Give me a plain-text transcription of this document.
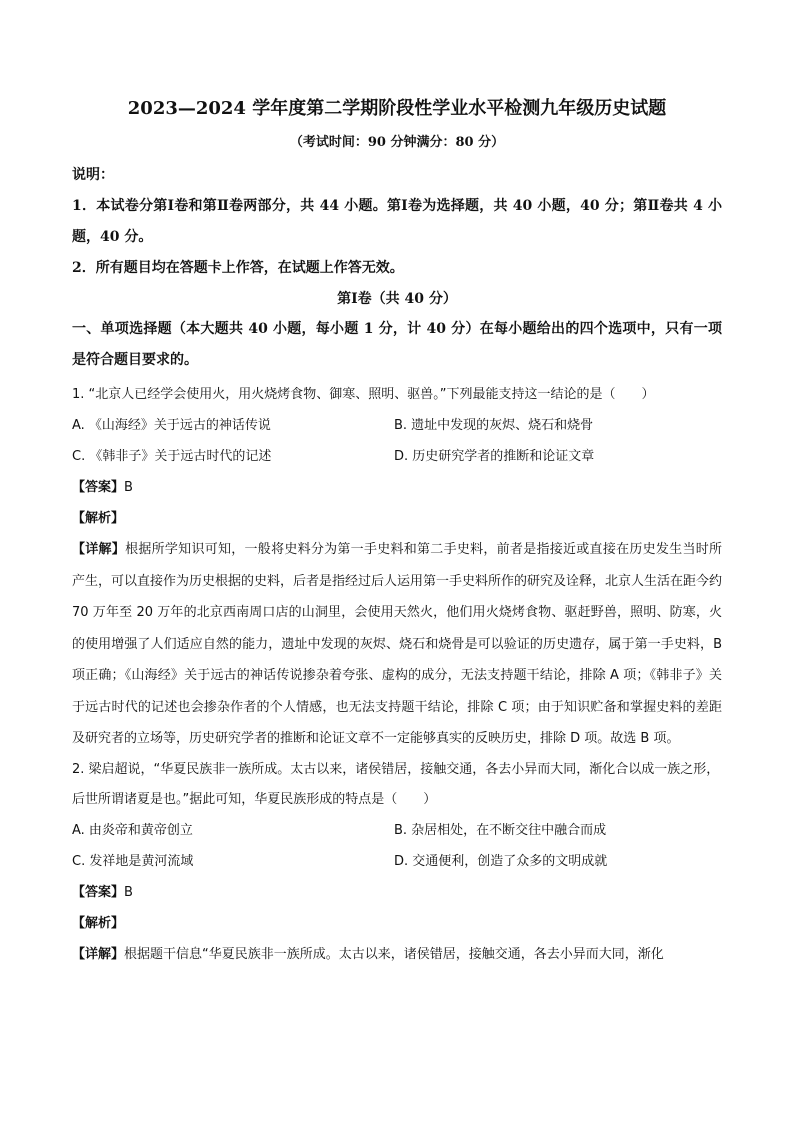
2023—2024 学年度第二学期阶段性学业水平检测九年级历史试题
（考试时间：90 分钟满分：80 分）

说明：

1．本试卷分第Ⅰ卷和第Ⅱ卷两部分，共 44 小题。第Ⅰ卷为选择题，共 40 小题，40 分；第Ⅱ卷共 4 小题，40 分。

2．所有题目均在答题卡上作答，在试题上作答无效。

第Ⅰ卷（共 40 分）

一、单项选择题（本大题共 40 小题，每小题 1 分，计 40 分）在每小题给出的四个选项中，只有一项是符合题目要求的。

1. “北京人已经学会使用火，用火烧烤食物、御寒、照明、驱兽。”下列最能支持这一结论的是（　　）

A. 《山海经》关于远古的神话传说	B. 遗址中发现的灰烬、烧石和烧骨
C. 《韩非子》关于远古时代的记述	D. 历史研究学者的推断和论证文章

【答案】B

【解析】

【详解】根据所学知识可知，一般将史料分为第一手史料和第二手史料，前者是指接近或直接在历史发生当时所产生，可以直接作为历史根据的史料，后者是指经过后人运用第一手史料所作的研究及诠释，北京人生活在距今约 70 万年至 20 万年的北京西南周口店的山洞里，会使用天然火，他们用火烧烤食物、驱赶野兽，照明、防寒，火的使用增强了人们适应自然的能力，遗址中发现的灰烬、烧石和烧骨是可以验证的历史遗存，属于第一手史料，B 项正确；《山海经》关于远古的神话传说掺杂着夸张、虚构的成分，无法支持题干结论，排除 A 项；《韩非子》关于远古时代的记述也会掺杂作者的个人情感，也无法支持题干结论，排除 C 项；由于知识贮备和掌握史料的差距及研究者的立场等，历史研究学者的推断和论证文章不一定能够真实的反映历史，排除 D 项。故选 B 项。

2. 梁启超说，“华夏民族非一族所成。太古以来，诸侯错居，接触交通，各去小异而大同，渐化合以成一族之形，后世所谓诸夏是也。”据此可知，华夏民族形成的特点是（　　）

A. 由炎帝和黄帝创立	B. 杂居相处，在不断交往中融合而成
C. 发祥地是黄河流域	D. 交通便利，创造了众多的文明成就

【答案】B

【解析】

【详解】根据题干信息“华夏民族非一族所成。太古以来，诸侯错居，接触交通，各去小异而大同，渐化
